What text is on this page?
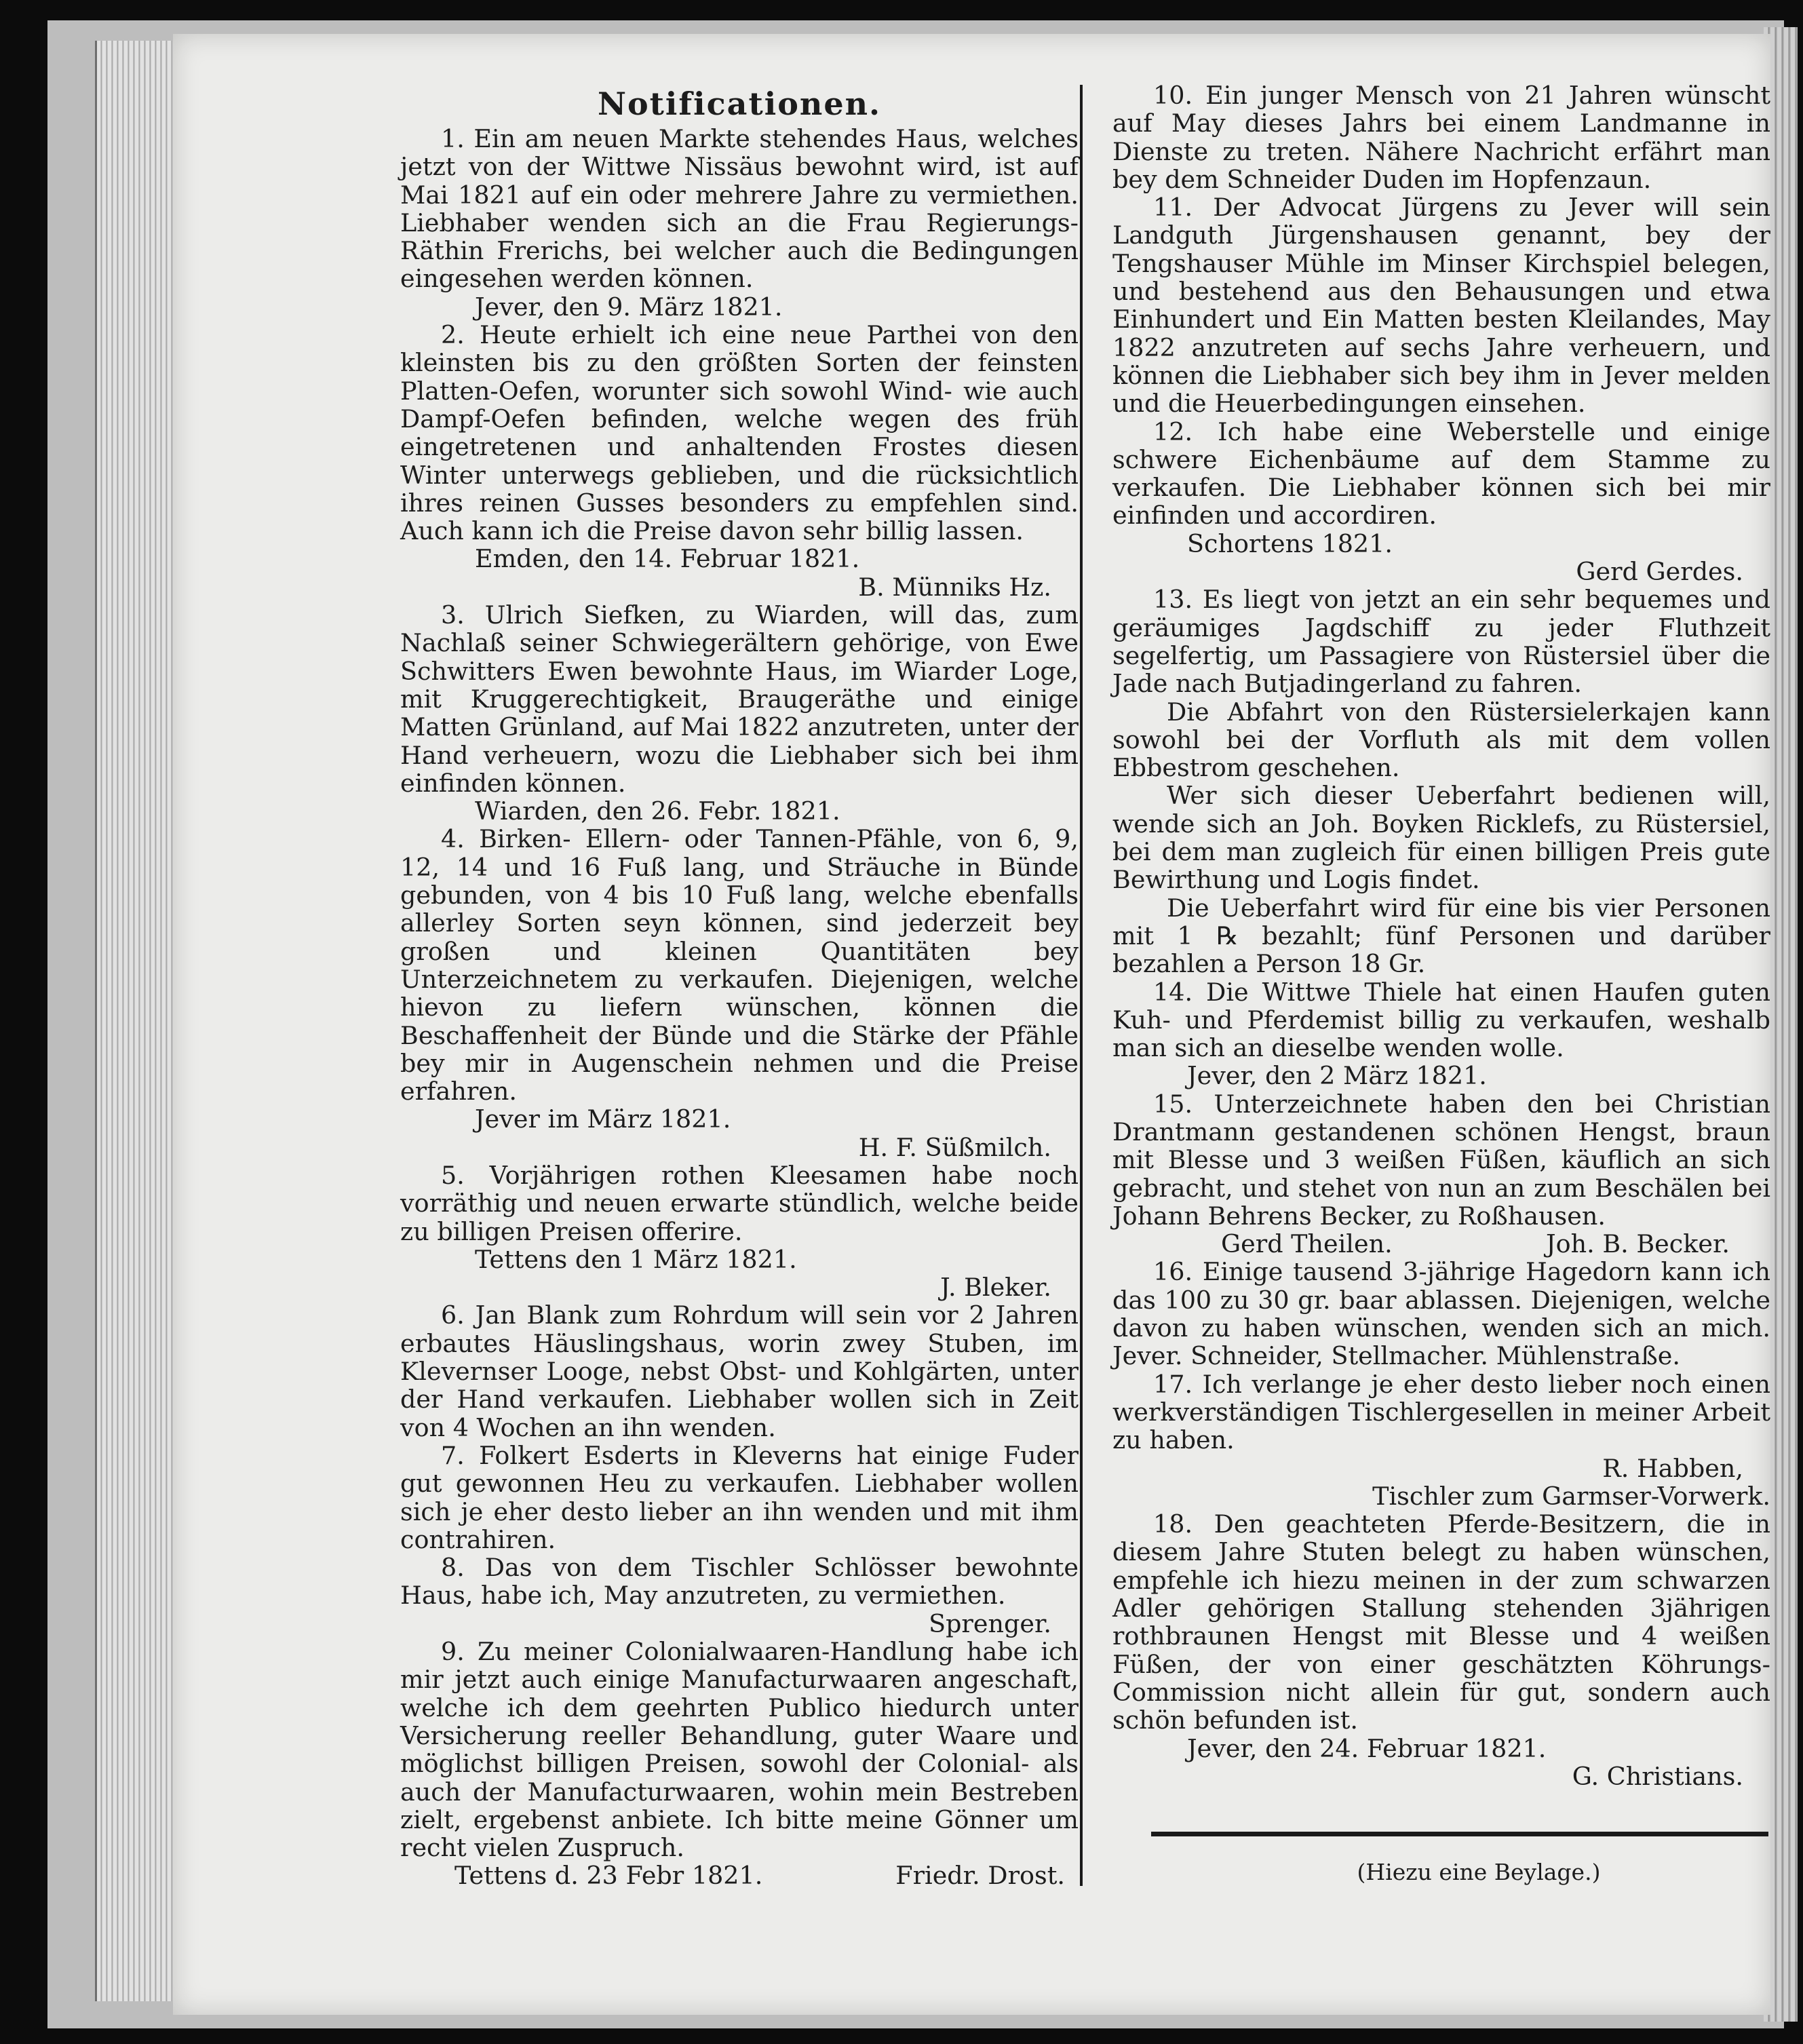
Notificationen.

1. Ein am neuen Markte stehendes Haus, welches jetzt von der Wittwe Nissäus bewohnt wird, ist auf Mai 1821 auf ein oder mehrere Jahre zu vermiethen. Liebhaber wenden sich an die Frau Regierungs-Räthin Frerichs, bei welcher auch die Bedingungen eingesehen werden können.

Jever, den 9. März 1821.

2. Heute erhielt ich eine neue Parthei von den kleinsten bis zu den größten Sorten der feinsten Platten-Oefen, worunter sich sowohl Wind- wie auch Dampf-Oefen befinden, welche wegen des früh eingetretenen und anhaltenden Frostes diesen Winter unterwegs geblieben, und die rücksichtlich ihres reinen Gusses besonders zu empfehlen sind. Auch kann ich die Preise davon sehr billig lassen.

Emden, den 14. Februar 1821.

B. Münniks Hz.

3. Ulrich Siefken, zu Wiarden, will das, zum Nachlaß seiner Schwiegerältern gehörige, von Ewe Schwitters Ewen bewohnte Haus, im Wiarder Loge, mit Kruggerechtigkeit, Braugeräthe und einige Matten Grünland, auf Mai 1822 anzutreten, unter der Hand verheuern, wozu die Liebhaber sich bei ihm einfinden können.

Wiarden, den 26. Febr. 1821.

4. Birken- Ellern- oder Tannen-Pfähle, von 6, 9, 12, 14 und 16 Fuß lang, und Sträuche in Bünde gebunden, von 4 bis 10 Fuß lang, welche ebenfalls allerley Sorten seyn können, sind jederzeit bey großen und kleinen Quantitäten bey Unterzeichnetem zu verkaufen. Diejenigen, welche hievon zu liefern wünschen, können die Beschaffenheit der Bünde und die Stärke der Pfähle bey mir in Augenschein nehmen und die Preise erfahren.

Jever im März 1821.

H. F. Süßmilch.

5. Vorjährigen rothen Kleesamen habe noch vorräthig und neuen erwarte stündlich, welche beide zu billigen Preisen offerire.

Tettens den 1 März 1821.

J. Bleker.

6. Jan Blank zum Rohrdum will sein vor 2 Jahren erbautes Häuslingshaus, worin zwey Stuben, im Klevernser Looge, nebst Obst- und Kohlgärten, unter der Hand verkaufen. Liebhaber wollen sich in Zeit von 4 Wochen an ihn wenden.

7. Folkert Esderts in Kleverns hat einige Fuder gut gewonnen Heu zu verkaufen. Liebhaber wollen sich je eher desto lieber an ihn wenden und mit ihm contrahiren.

8. Das von dem Tischler Schlösser bewohnte Haus, habe ich, May anzutreten, zu vermiethen.

Sprenger.

9. Zu meiner Colonialwaaren-Handlung habe ich mir jetzt auch einige Manufacturwaaren angeschaft, welche ich dem geehrten Publico hiedurch unter Versicherung reeller Behandlung, guter Waare und möglichst billigen Preisen, sowohl der Colonial- als auch der Manufacturwaaren, wohin mein Bestreben zielt, ergebenst anbiete. Ich bitte meine Gönner um recht vielen Zuspruch.

Tettens d. 23 Febr 1821.	Friedr. Drost.

10. Ein junger Mensch von 21 Jahren wünscht auf May dieses Jahrs bei einem Landmanne in Dienste zu treten. Nähere Nachricht erfährt man bey dem Schneider Duden im Hopfenzaun.

11. Der Advocat Jürgens zu Jever will sein Landguth Jürgenshausen genannt, bey der Tengshauser Mühle im Minser Kirchspiel belegen, und bestehend aus den Behausungen und etwa Einhundert und Ein Matten besten Kleilandes, May 1822 anzutreten auf sechs Jahre verheuern, und können die Liebhaber sich bey ihm in Jever melden und die Heuerbedingungen einsehen.

12. Ich habe eine Weberstelle und einige schwere Eichenbäume auf dem Stamme zu verkaufen. Die Liebhaber können sich bei mir einfinden und accordiren.

Schortens 1821.

Gerd Gerdes.

13. Es liegt von jetzt an ein sehr bequemes und geräumiges Jagdschiff zu jeder Fluthzeit segelfertig, um Passagiere von Rüstersiel über die Jade nach Butjadingerland zu fahren.

Die Abfahrt von den Rüstersielerkajen kann sowohl bei der Vorfluth als mit dem vollen Ebbestrom geschehen.

Wer sich dieser Ueberfahrt bedienen will, wende sich an Joh. Boyken Ricklefs, zu Rüstersiel, bei dem man zugleich für einen billigen Preis gute Bewirthung und Logis findet.

Die Ueberfahrt wird für eine bis vier Personen mit 1 ℞ bezahlt; fünf Personen und darüber bezahlen a Person 18 Gr.

14. Die Wittwe Thiele hat einen Haufen guten Kuh- und Pferdemist billig zu verkaufen, weshalb man sich an dieselbe wenden wolle.

Jever, den 2 März 1821.

15. Unterzeichnete haben den bei Christian Drantmann gestandenen schönen Hengst, braun mit Blesse und 3 weißen Füßen, käuflich an sich gebracht, und stehet von nun an zum Beschälen bei Johann Behrens Becker, zu Roßhausen.

Gerd Theilen.	Joh. B. Becker.

16. Einige tausend 3-jährige Hagedorn kann ich das 100 zu 30 gr. baar ablassen. Diejenigen, welche davon zu haben wünschen, wenden sich an mich. Jever. Schneider, Stellmacher. Mühlenstraße.

17. Ich verlange je eher desto lieber noch einen werkverständigen Tischlergesellen in meiner Arbeit zu haben.

R. Habben,

Tischler zum Garmser-Vorwerk.

18. Den geachteten Pferde-Besitzern, die in diesem Jahre Stuten belegt zu haben wünschen, empfehle ich hiezu meinen in der zum schwarzen Adler gehörigen Stallung stehenden 3jährigen rothbraunen Hengst mit Blesse und 4 weißen Füßen, der von einer geschätzten Köhrungs-Commission nicht allein für gut, sondern auch schön befunden ist.

Jever, den 24. Februar 1821.

G. Christians.

(Hiezu eine Beylage.)
